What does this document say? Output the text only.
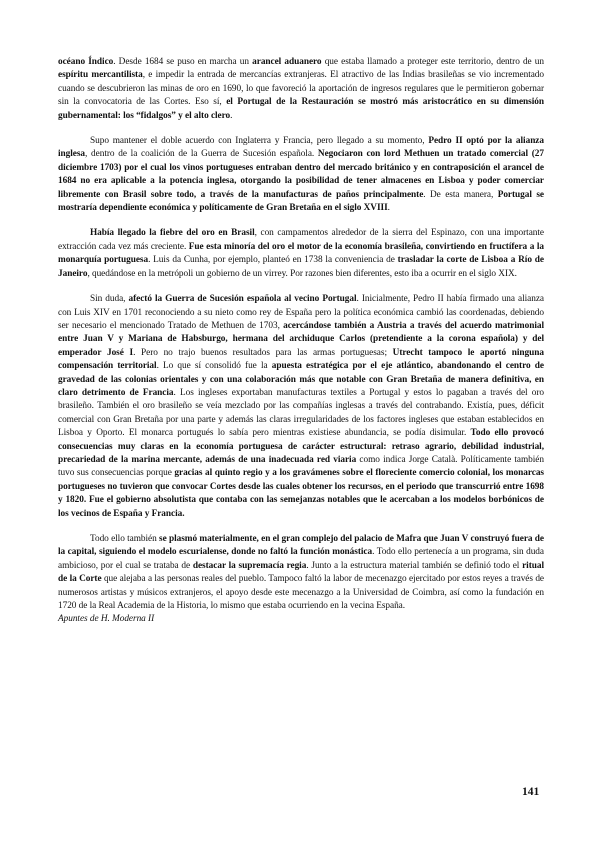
océano Índico. Desde 1684 se puso en marcha un arancel aduanero que estaba llamado a proteger este territorio, dentro de un espíritu mercantilista, e impedir la entrada de mercancías extranjeras. El atractivo de las Indias brasileñas se vio incrementado cuando se descubrieron las minas de oro en 1690, lo que favoreció la aportación de ingresos regulares que le permitieron gobernar sin la convocatoria de las Cortes. Eso sí, el Portugal de la Restauración se mostró más aristocrático en su dimensión gubernamental: los “fidalgos” y el alto clero.

Supo mantener el doble acuerdo con Inglaterra y Francia, pero llegado a su momento, Pedro II optó por la alianza inglesa, dentro de la coalición de la Guerra de Sucesión española. Negociaron con lord Methuen un tratado comercial (27 diciembre 1703) por el cual los vinos portugueses entraban dentro del mercado británico y en contraposición el arancel de 1684 no era aplicable a la potencia inglesa, otorgando la posibilidad de tener almacenes en Lisboa y poder comerciar libremente con Brasil sobre todo, a través de la manufacturas de paños principalmente. De esta manera, Portugal se mostraría dependiente económica y políticamente de Gran Bretaña en el siglo XVIII.

Había llegado la fiebre del oro en Brasil, con campamentos alrededor de la sierra del Espinazo, con una importante extracción cada vez más creciente. Fue esta minoría del oro el motor de la economía brasileña, convirtiendo en fructífera a la monarquía portuguesa. Luis da Cunha, por ejemplo, planteó en 1738 la conveniencia de trasladar la corte de Lisboa a Río de Janeiro, quedándose en la metrópoli un gobierno de un virrey. Por razones bien diferentes, esto iba a ocurrir en el siglo XIX.

Sin duda, afectó la Guerra de Sucesión española al vecino Portugal. Inicialmente, Pedro II había firmado una alianza con Luis XIV en 1701 reconociendo a su nieto como rey de España pero la política económica cambió las coordenadas, debiendo ser necesario el mencionado Tratado de Methuen de 1703, acercándose también a Austria a través del acuerdo matrimonial entre Juan V y Mariana de Habsburgo, hermana del archiduque Carlos (pretendiente a la corona española) y del emperador José I. Pero no trajo buenos resultados para las armas portuguesas; Utrecht tampoco le aportó ninguna compensación territorial. Lo que sí consolidó fue la apuesta estratégica por el eje atlántico, abandonando el centro de gravedad de las colonias orientales y con una colaboración más que notable con Gran Bretaña de manera definitiva, en claro detrimento de Francia. Los ingleses exportaban manufacturas textiles a Portugal y estos lo pagaban a través del oro brasileño. También el oro brasileño se veía mezclado por las compañías inglesas a través del contrabando. Existía, pues, déficit comercial con Gran Bretaña por una parte y además las claras irregularidades de los factores ingleses que estaban establecidos en Lisboa y Oporto. El monarca portugués lo sabía pero mientras existiese abundancia, se podía disimular. Todo ello provocó consecuencias muy claras en la economía portuguesa de carácter estructural: retraso agrario, debilidad industrial, precariedad de la marina mercante, además de una inadecuada red viaria como indica Jorge Català. Políticamente también tuvo sus consecuencias porque gracias al quinto regio y a los gravámenes sobre el floreciente comercio colonial, los monarcas portugueses no tuvieron que convocar Cortes desde las cuales obtener los recursos, en el periodo que transcurrió entre 1698 y 1820. Fue el gobierno absolutista que contaba con las semejanzas notables que le acercaban a los modelos borbónicos de los vecinos de España y Francia.

Todo ello también se plasmó materialmente, en el gran complejo del palacio de Mafra que Juan V construyó fuera de la capital, siguiendo el modelo escurialense, donde no faltó la función monástica. Todo ello pertenecía a un programa, sin duda ambicioso, por el cual se trataba de destacar la supremacía regia. Junto a la estructura material también se definió todo el ritual de la Corte que alejaba a las personas reales del pueblo. Tampoco faltó la labor de mecenazgo ejercitado por estos reyes a través de numerosos artistas y músicos extranjeros, el apoyo desde este mecenazgo a la Universidad de Coimbra, así como la fundación en 1720 de la Real Academia de la Historia, lo mismo que estaba ocurriendo en la vecina España.

Apuntes de H. Moderna II

141
